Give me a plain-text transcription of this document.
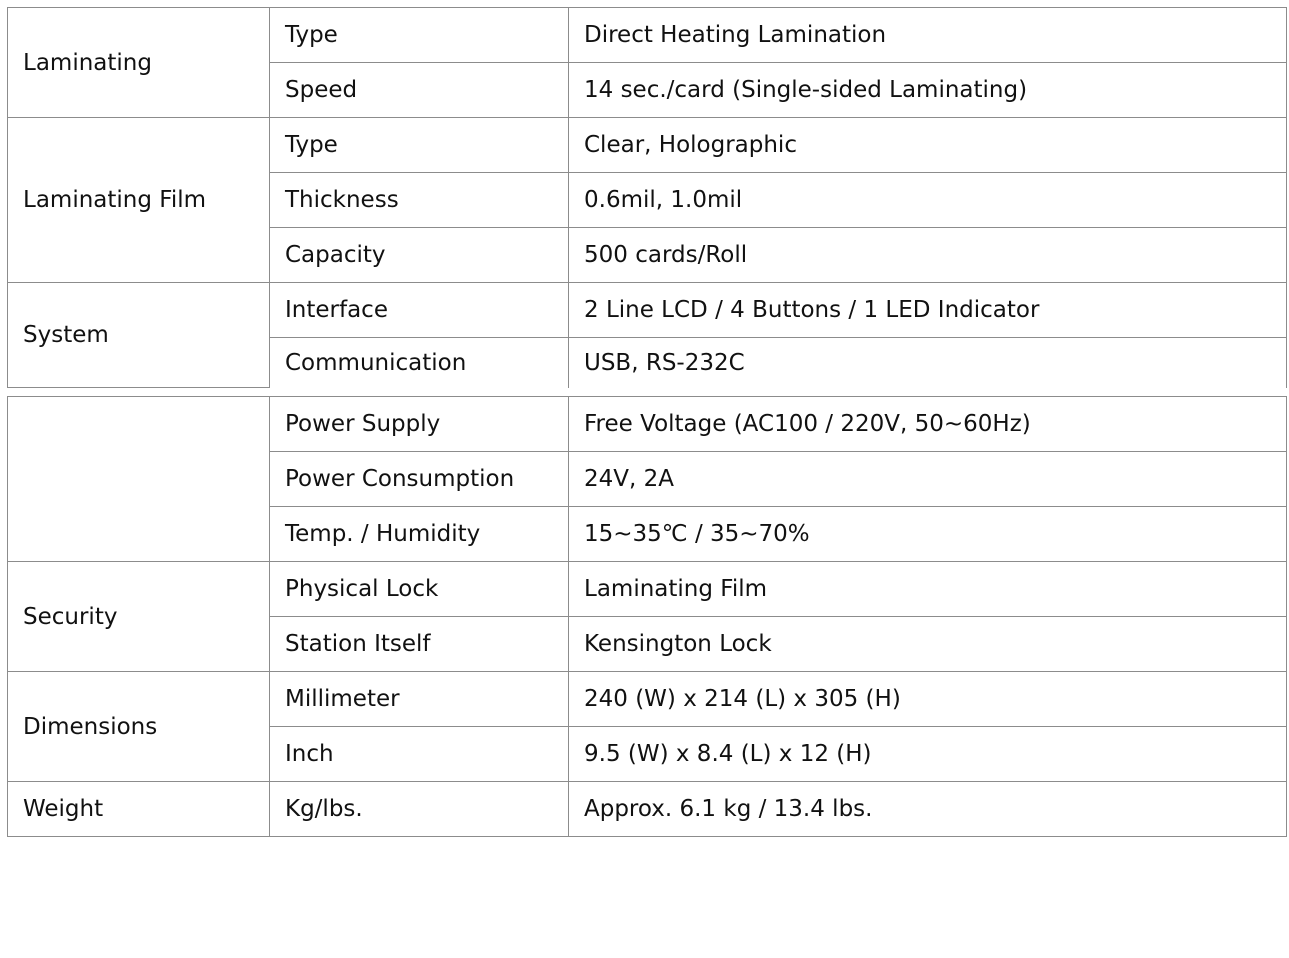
Laminating	Type	Direct Heating Lamination
	Speed	14 sec./card (Single-sided Laminating)
Laminating Film	Type	Clear, Holographic
	Thickness	0.6mil, 1.0mil
	Capacity	500 cards/Roll
System	Interface	2 Line LCD / 4 Buttons / 1 LED Indicator
	Communication	USB, RS-232C
	Power Supply	Free Voltage (AC100 / 220V, 50~60Hz)
	Power Consumption	24V, 2A
	Temp. / Humidity	15~35℃ / 35~70%
Security	Physical Lock	Laminating Film
	Station Itself	Kensington Lock
Dimensions	Millimeter	240 (W) x 214 (L) x 305 (H)
	Inch	9.5 (W) x 8.4 (L) x 12 (H)
Weight	Kg/lbs.	Approx. 6.1 kg / 13.4 lbs.
